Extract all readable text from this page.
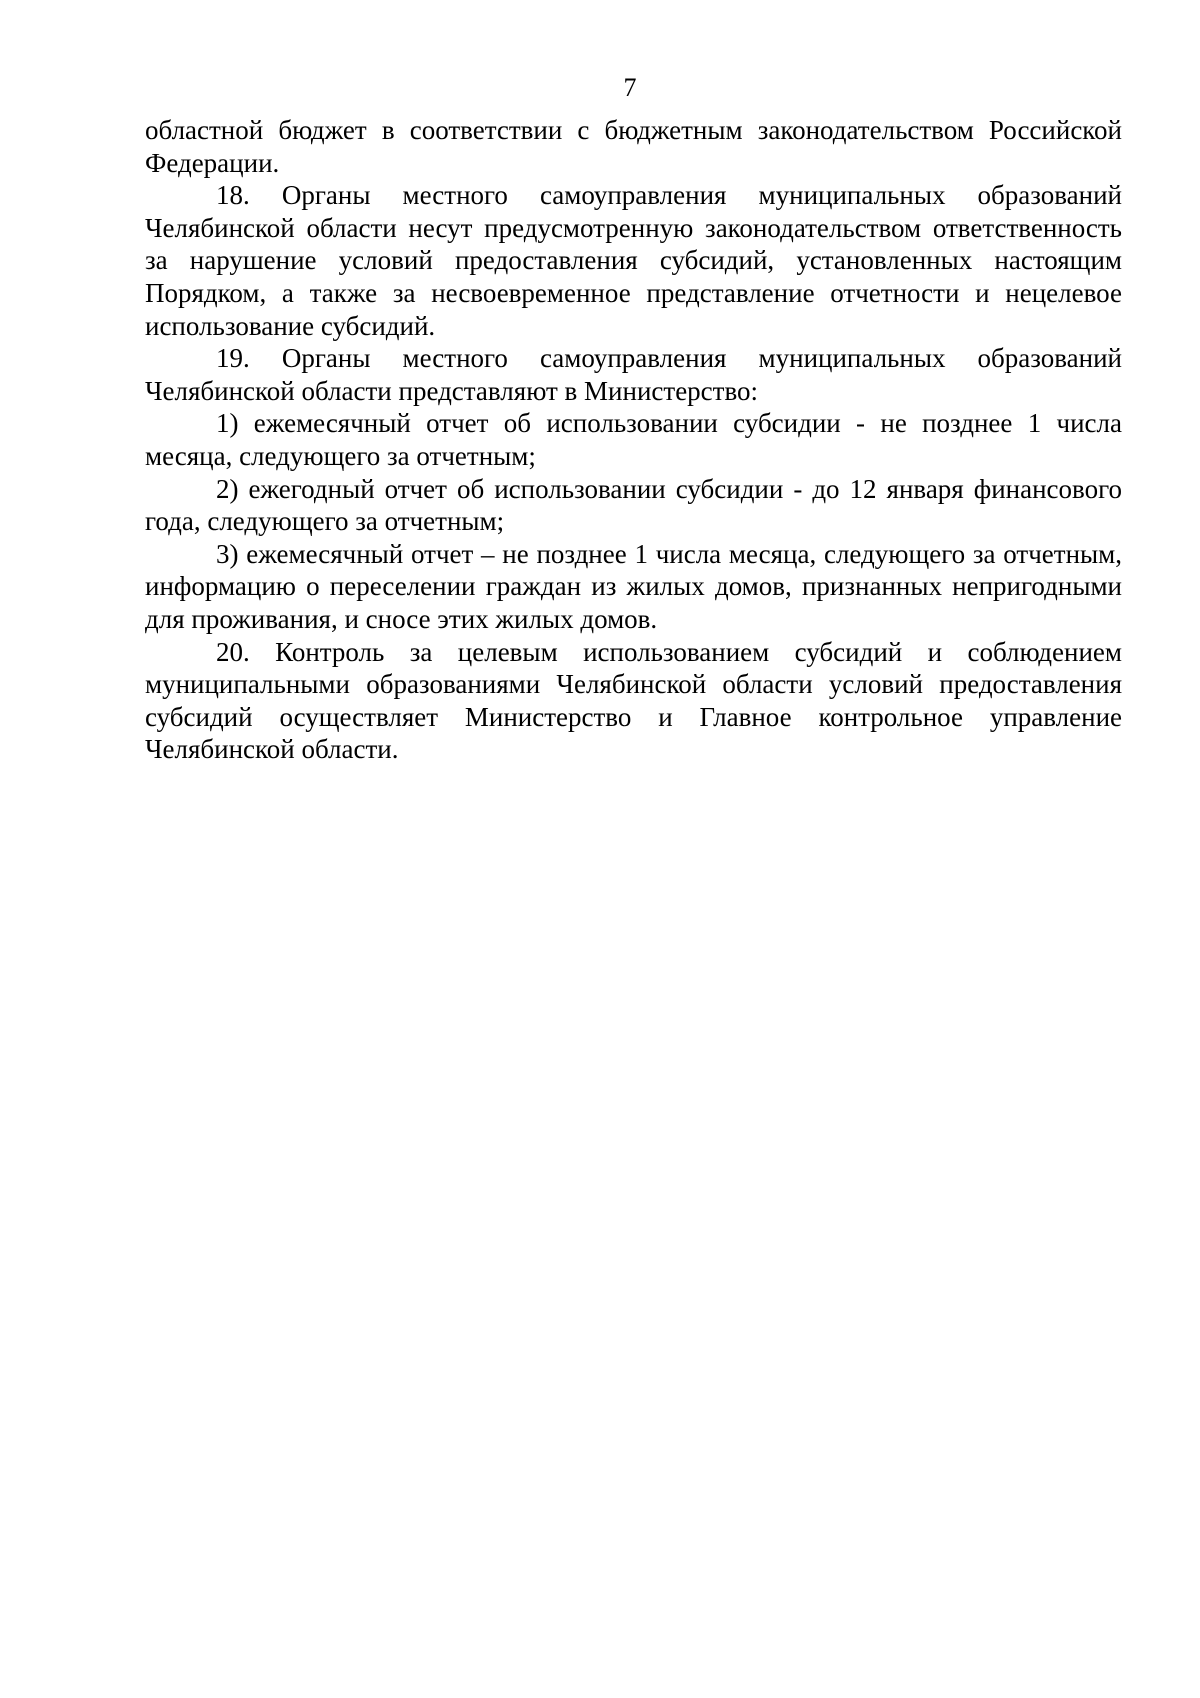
7

областной бюджет в соответствии с бюджетным законодательством Российской Федерации.

18. Органы местного самоуправления муниципальных образований Челябинской области несут предусмотренную законодательством ответственность за нарушение условий предоставления субсидий, установленных настоящим Порядком, а также за несвоевременное представление отчетности и нецелевое использование субсидий.

19. Органы местного самоуправления муниципальных образований Челябинской области представляют в Министерство:

1) ежемесячный отчет об использовании субсидии - не позднее 1 числа месяца, следующего за отчетным;

2) ежегодный отчет об использовании субсидии - до 12 января финансового года, следующего за отчетным;

3) ежемесячный отчет – не позднее 1 числа месяца, следующего за отчетным, информацию о переселении граждан из жилых домов, признанных непригодными для проживания, и сносе этих жилых домов.

20. Контроль за целевым использованием субсидий и соблюдением муниципальными образованиями Челябинской области условий предоставления субсидий осуществляет Министерство и Главное контрольное управление Челябинской области.
